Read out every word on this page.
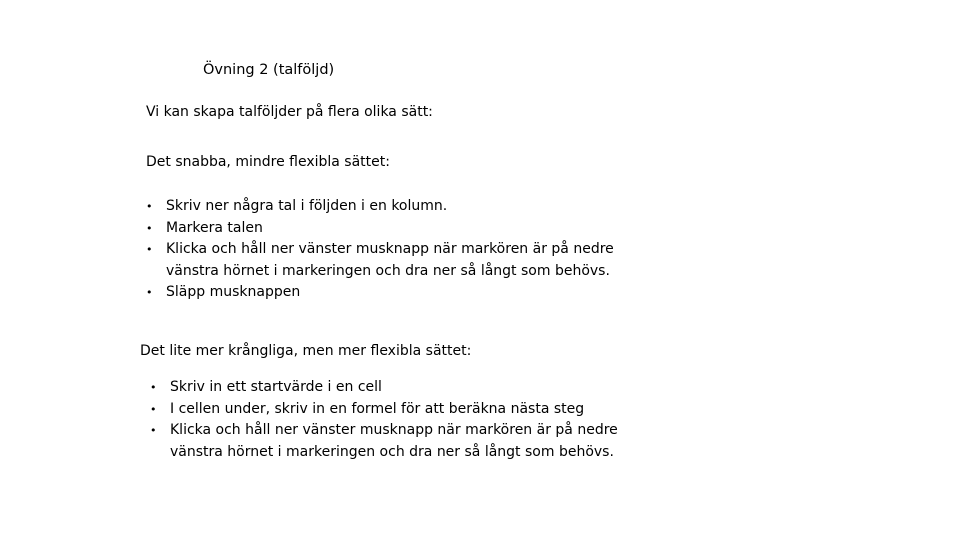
Övning 2 (talföljd)
Vi kan skapa talföljder på flera olika sätt:
Det snabba, mindre flexibla sättet:
• Skriv ner några tal i följden i en kolumn.
• Markera talen
• Klicka och håll ner vänster musknapp när markören är på nedre
vänstra hörnet i markeringen och dra ner så långt som behövs.
• Släpp musknappen
Det lite mer krångliga, men mer flexibla sättet:
• Skriv in ett startvärde i en cell
• I cellen under, skriv in en formel för att beräkna nästa steg
• Klicka och håll ner vänster musknapp när markören är på nedre
vänstra hörnet i markeringen och dra ner så långt som behövs.
